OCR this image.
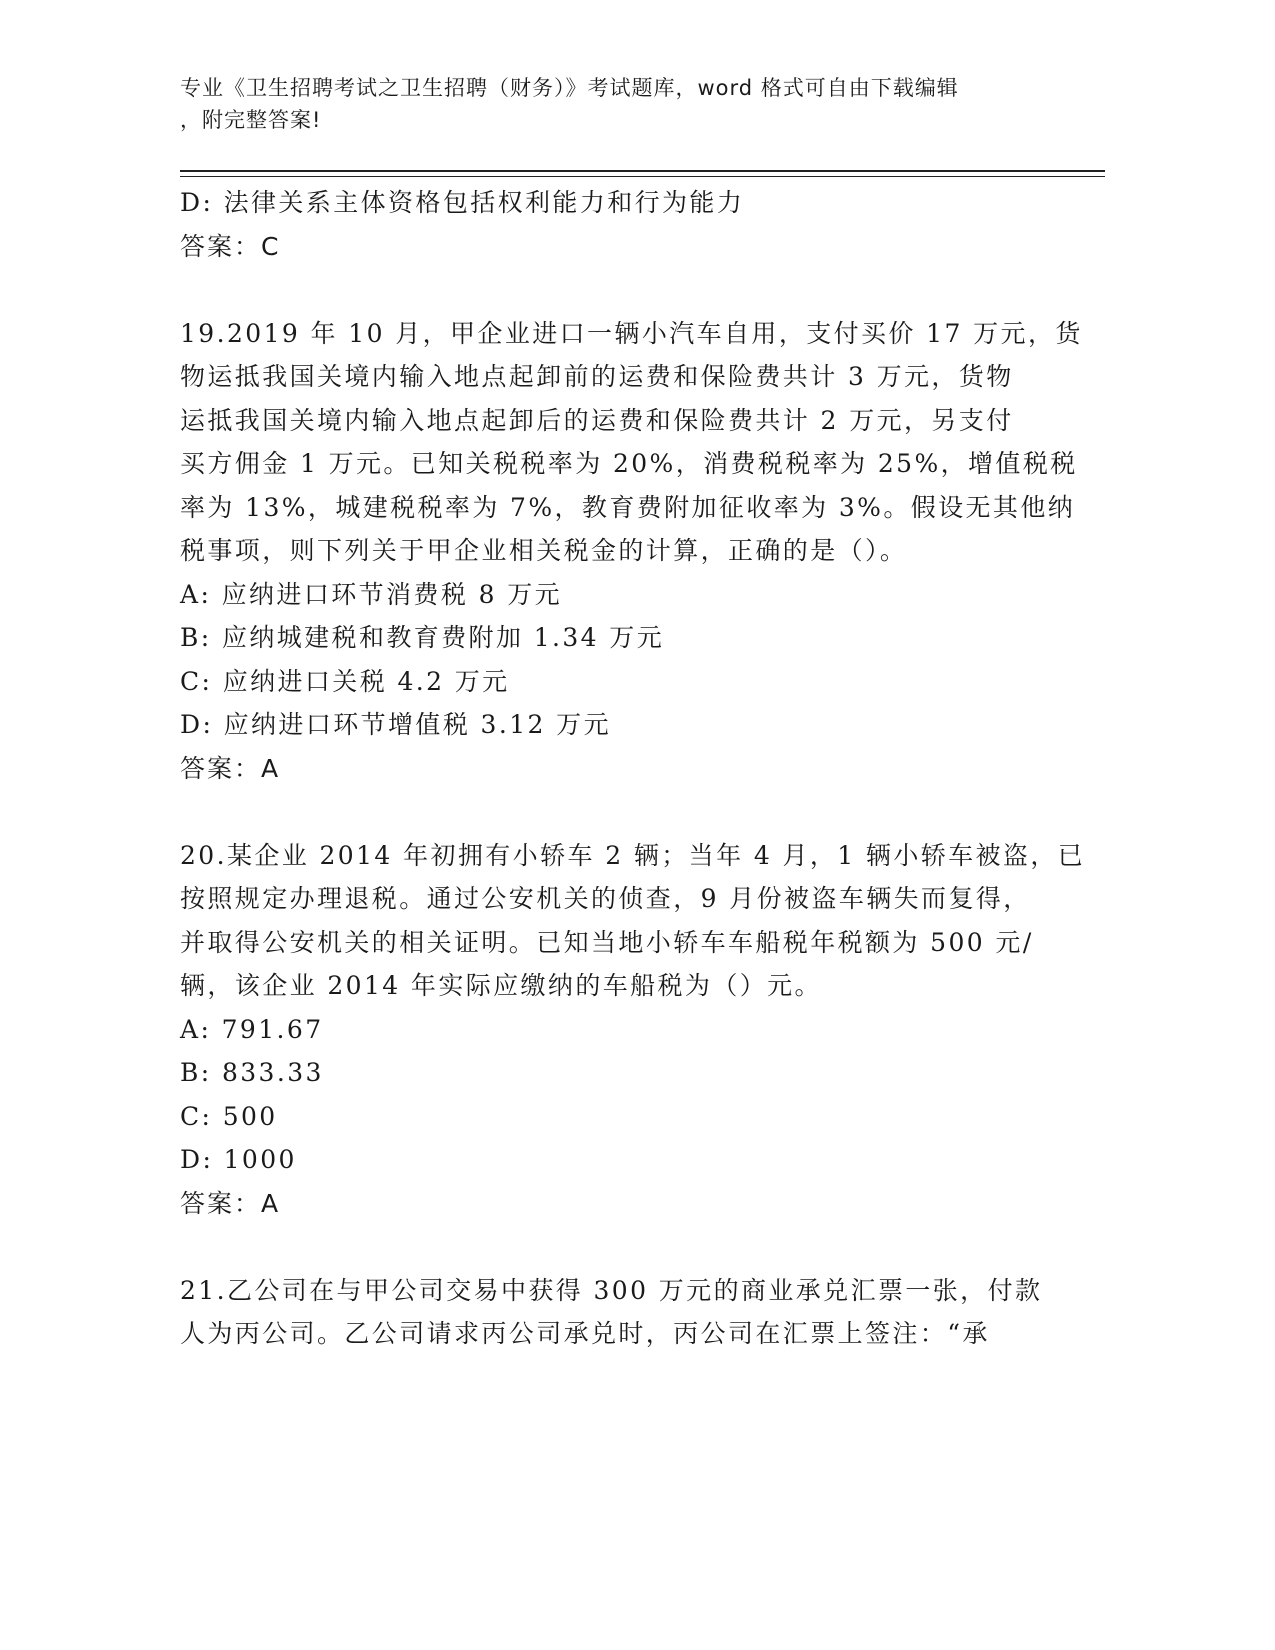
专业《卫生招聘考试之卫生招聘（财务）》考试题库，word 格式可自由下载编辑
，附完整答案!
D: 法律关系主体资格包括权利能力和行为能力
答案：C
19.2019 年 10 月，甲企业进口一辆小汽车自用，支付买价 17 万元，货
物运抵我国关境内输入地点起卸前的运费和保险费共计 3 万元，货物
运抵我国关境内输入地点起卸后的运费和保险费共计 2 万元，另支付
买方佣金 1 万元。已知关税税率为 20%，消费税税率为 25%，增值税税
率为 13%，城建税税率为 7%，教育费附加征收率为 3%。假设无其他纳
税事项，则下列关于甲企业相关税金的计算，正确的是（）。
A: 应纳进口环节消费税 8 万元
B: 应纳城建税和教育费附加 1.34 万元
C: 应纳进口关税 4.2 万元
D: 应纳进口环节增值税 3.12 万元
答案：A
20.某企业 2014 年初拥有小轿车 2 辆；当年 4 月，1 辆小轿车被盗，已
按照规定办理退税。通过公安机关的侦查，9 月份被盗车辆失而复得，
并取得公安机关的相关证明。已知当地小轿车车船税年税额为 500 元/
辆，该企业 2014 年实际应缴纳的车船税为（）元。
A: 791.67
B: 833.33
C: 500
D: 1000
答案：A
21.乙公司在与甲公司交易中获得 300 万元的商业承兑汇票一张，付款
人为丙公司。乙公司请求丙公司承兑时，丙公司在汇票上签注：“承
